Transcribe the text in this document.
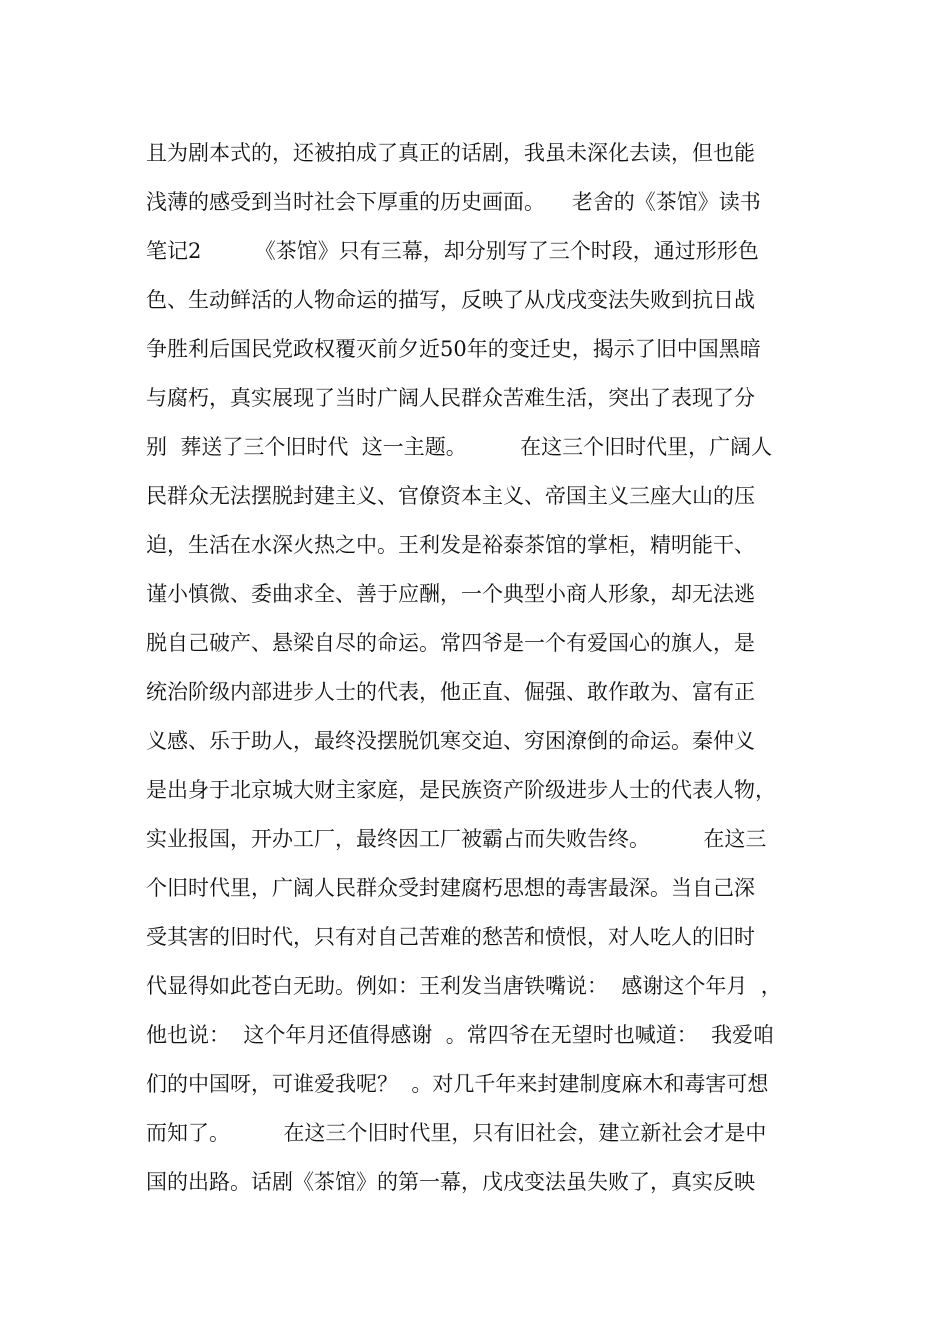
且为剧本式的，还被拍成了真正的话剧，我虽未深化去读，但也能
浅薄的感受到当时社会下厚重的历史画面。    老舍的《茶馆》读书
笔记2        《茶馆》只有三幕，却分别写了三个时段，通过形形色
色、生动鲜活的人物命运的描写，反映了从戊戌变法失败到抗日战
争胜利后国民党政权覆灭前夕近50年的变迁史，揭示了旧中国黑暗
与腐朽，真实展现了当时广阔人民群众苦难生活，突出了表现了分
别  葬送了三个旧时代  这一主题。        在这三个旧时代里，广阔人
民群众无法摆脱封建主义、官僚资本主义、帝国主义三座大山的压
迫，生活在水深火热之中。王利发是裕泰茶馆的掌柜，精明能干、
谨小慎微、委曲求全、善于应酬，一个典型小商人形象，却无法逃
脱自己破产、悬梁自尽的命运。常四爷是一个有爱国心的旗人，是
统治阶级内部进步人士的代表，他正直、倔强、敢作敢为、富有正
义感、乐于助人，最终没摆脱饥寒交迫、穷困潦倒的命运。秦仲义
是出身于北京城大财主家庭，是民族资产阶级进步人士的代表人物，
实业报国，开办工厂，最终因工厂被霸占而失败告终。        在这三
个旧时代里，广阔人民群众受封建腐朽思想的毒害最深。当自己深
受其害的旧时代，只有对自己苦难的愁苦和愤恨，对人吃人的旧时
代显得如此苍白无助。例如：王利发当唐铁嘴说：  感谢这个年月  ，
他也说：  这个年月还值得感谢  。常四爷在无望时也喊道：  我爱咱
们的中国呀，可谁爱我呢？  。对几千年来封建制度麻木和毒害可想
而知了。        在这三个旧时代里，只有旧社会，建立新社会才是中
国的出路。话剧《茶馆》的第一幕，戊戌变法虽失败了，真实反映
